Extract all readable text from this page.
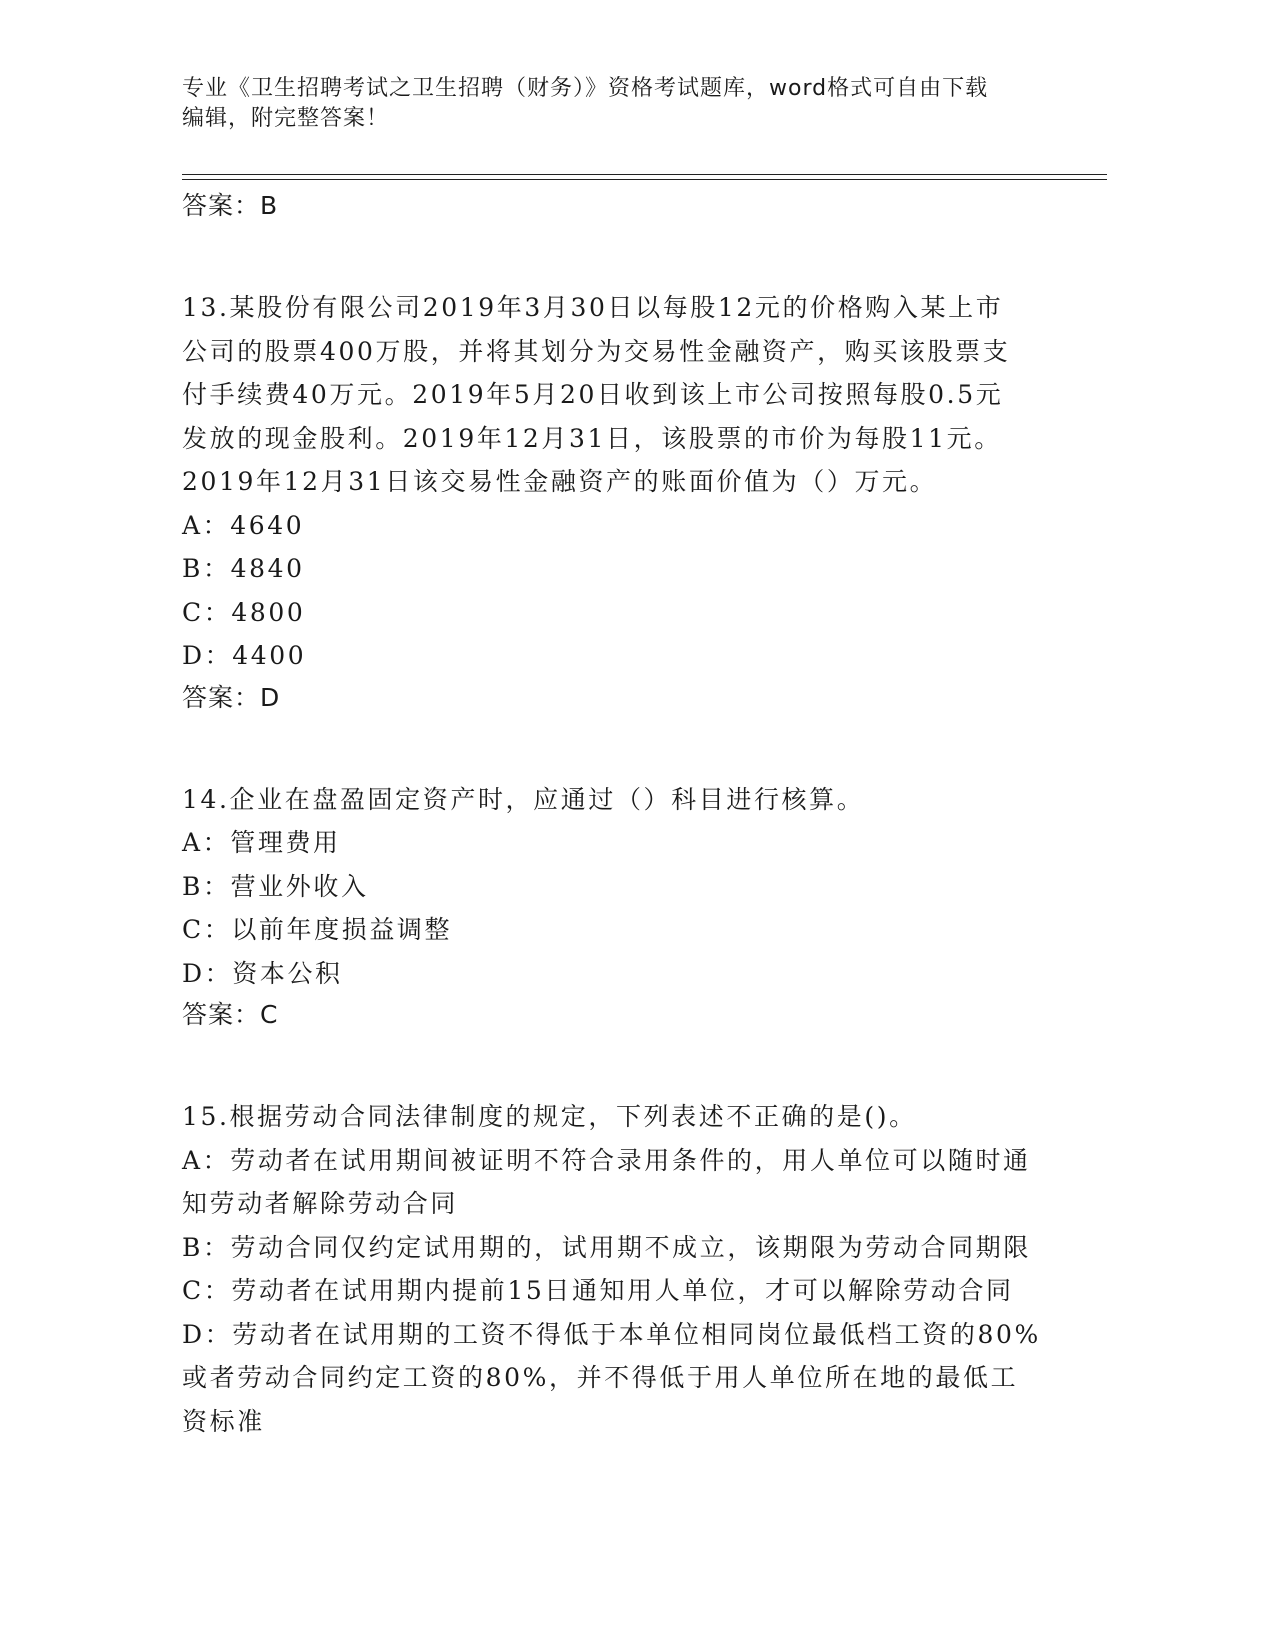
专业《卫生招聘考试之卫生招聘（财务）》资格考试题库，word格式可自由下载
编辑，附完整答案！
答案：B
13.某股份有限公司2019年3月30日以每股12元的价格购入某上市
公司的股票400万股，并将其划分为交易性金融资产，购买该股票支
付手续费40万元。2019年5月20日收到该上市公司按照每股0.5元
发放的现金股利。2019年12月31日，该股票的市价为每股11元。
2019年12月31日该交易性金融资产的账面价值为（）万元。
A：4640
B：4840
C：4800
D：4400
答案：D
14.企业在盘盈固定资产时，应通过（）科目进行核算。
A：管理费用
B：营业外收入
C：以前年度损益调整
D：资本公积
答案：C
15.根据劳动合同法律制度的规定，下列表述不正确的是()。
A：劳动者在试用期间被证明不符合录用条件的，用人单位可以随时通
知劳动者解除劳动合同
B：劳动合同仅约定试用期的，试用期不成立，该期限为劳动合同期限
C：劳动者在试用期内提前15日通知用人单位，才可以解除劳动合同
D：劳动者在试用期的工资不得低于本单位相同岗位最低档工资的80%
或者劳动合同约定工资的80%，并不得低于用人单位所在地的最低工
资标准
